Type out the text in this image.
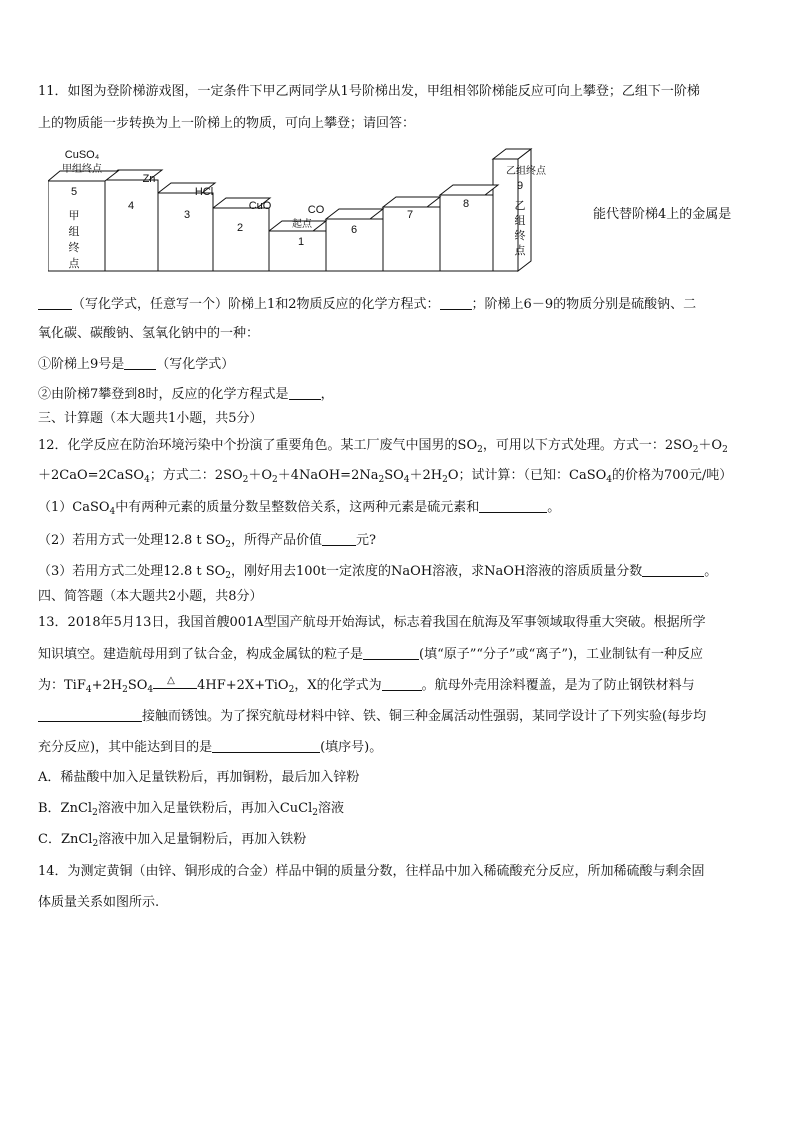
11．如图为登阶梯游戏图，一定条件下甲乙两同学从1号阶梯出发，甲组相邻阶梯能反应可向上攀登；乙组下一阶梯
上的物质能一步转换为上一阶梯上的物质，可向上攀登；请回答：
CuSO₄
甲组终点
5
甲
组
终
点
Zn
4
HCl
3
CuO
2
CO
起点
1
6
7
8
乙组终点
9
乙
组
终
点
能代替阶梯4上的金属是
（写化学式，任意写一个）阶梯上1和2物质反应的化学方程式： ；阶梯上6－9的物质分别是硫酸钠、二
氧化碳、碳酸钠、氢氧化钠中的一种：
①阶梯上9号是 （写化学式）
②由阶梯7攀登到8时，反应的化学方程式是 ，
三、计算题（本大题共1小题，共5分）
12．化学反应在防治环境污染中个扮演了重要角色。某工厂废气中国男的$SO_2$，可用以下方式处理。方式一：$2SO_2+O_2$
＋2CaO=2CaSO$_4$；方式二：$2SO_2+O_2+4NaOH=2Na_2SO_4+2H_2O$；试计算：（已知：CaSO$_4$的价格为700元/吨）
（1）CaSO$_4$中有两种元素的质量分数呈整数倍关系，这两种元素是硫元素和	。
（2）若用方式一处理12.8 t $SO_2$，所得产品价值	元?
（3）若用方式二处理12.8 t $SO_2$，刚好用去100t一定浓度的NaOH溶液，求NaOH溶液的溶质质量分数	。
四、简答题（本大题共2小题，共8分）
13．2018年5月13日，我国首艘001A型国产航母开始海试，标志着我国在航海及军事领域取得重大突破。根据所学
知识填空。建造航母用到了钛合金，构成金属钛的粒子是	(填“原子”“分子”或“离子”)，工业制钛有一种反应
为：$TiF_4+2H_2SO_4$
△ 4HF+2X+TiO$_2$，X的化学式为	。航母外壳用涂料覆盖，是为了防止钢铁材料与
接触而锈蚀。为了探究航母材料中锌、铁、铜三种金属活动性强弱，某同学设计了下列实验(每步均
充分反应)，其中能达到目的是	(填序号)。
A．稀盐酸中加入足量铁粉后，再加铜粉，最后加入锌粉
B．ZnCl$_2$溶液中加入足量铁粉后，再加入CuCl$_2$溶液
C．ZnCl$_2$溶液中加入足量铜粉后，再加入铁粉
14．为测定黄铜（由锌、铜形成的合金）样品中铜的质量分数，往样品中加入稀硫酸充分反应，所加稀硫酸与剩余固
体质量关系如图所示.
